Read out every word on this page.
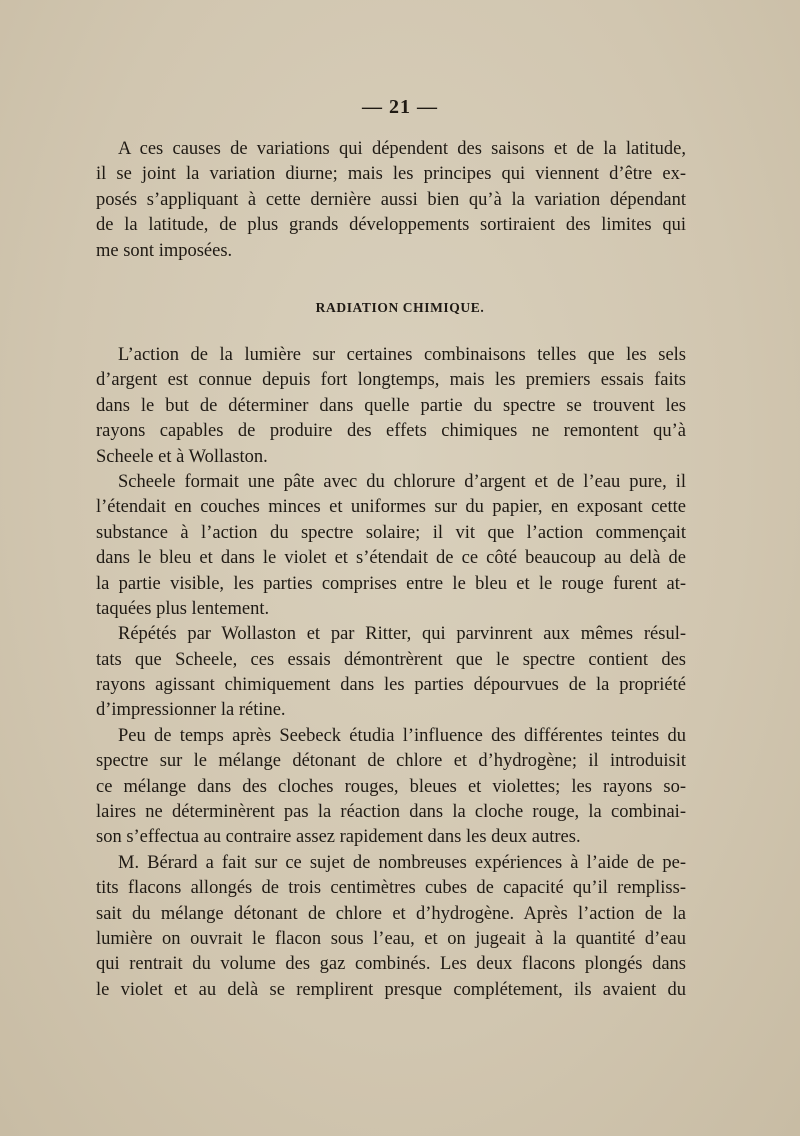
— 21 —
A ces causes de variations qui dépendent des saisons et de la latitude,
il se joint la variation diurne; mais les principes qui viennent d’être ex-
posés s’appliquant à cette dernière aussi bien qu’à la variation dépendant
de la latitude, de plus grands développements sortiraient des limites qui
me sont imposées.
RADIATION CHIMIQUE.
L’action de la lumière sur certaines combinaisons telles que les sels
d’argent est connue depuis fort longtemps, mais les premiers essais faits
dans le but de déterminer dans quelle partie du spectre se trouvent les
rayons capables de produire des effets chimiques ne remontent qu’à
Scheele et à Wollaston.
Scheele formait une pâte avec du chlorure d’argent et de l’eau pure, il
l’étendait en couches minces et uniformes sur du papier, en exposant cette
substance à l’action du spectre solaire; il vit que l’action commençait
dans le bleu et dans le violet et s’étendait de ce côté beaucoup au delà de
la partie visible, les parties comprises entre le bleu et le rouge furent at-
taquées plus lentement.
Répétés par Wollaston et par Ritter, qui parvinrent aux mêmes résul-
tats que Scheele, ces essais démontrèrent que le spectre contient des
rayons agissant chimiquement dans les parties dépourvues de la propriété
d’impressionner la rétine.
Peu de temps après Seebeck étudia l’influence des différentes teintes du
spectre sur le mélange détonant de chlore et d’hydrogène; il introduisit
ce mélange dans des cloches rouges, bleues et violettes; les rayons so-
laires ne déterminèrent pas la réaction dans la cloche rouge, la combinai-
son s’effectua au contraire assez rapidement dans les deux autres.
M. Bérard a fait sur ce sujet de nombreuses expériences à l’aide de pe-
tits flacons allongés de trois centimètres cubes de capacité qu’il rempliss-
sait du mélange détonant de chlore et d’hydrogène. Après l’action de la
lumière on ouvrait le flacon sous l’eau, et on jugeait à la quantité d’eau
qui rentrait du volume des gaz combinés. Les deux flacons plongés dans
le violet et au delà se remplirent presque complétement, ils avaient du
